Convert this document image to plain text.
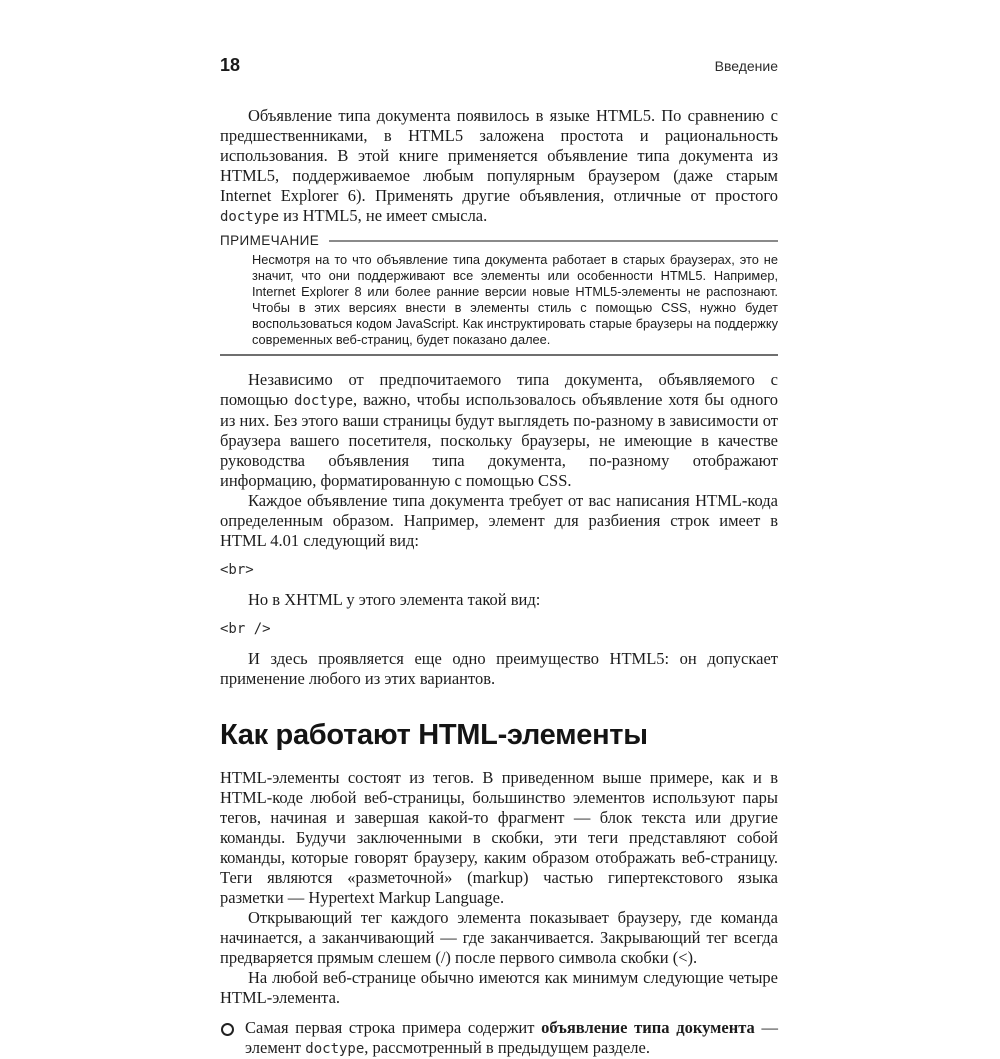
18	Введение

Объявление типа документа появилось в языке HTML5. По сравнению с предшественниками, в HTML5 заложена простота и рациональность использования. В этой книге применяется объявление типа документа из HTML5, поддерживаемое любым популярным браузером (даже старым Internet Explorer 6). Применять другие объявления, отличные от простого doctype из HTML5, не имеет смысла.

ПРИМЕЧАНИЕ
Несмотря на то что объявление типа документа работает в старых браузерах, это не значит, что они поддерживают все элементы или особенности HTML5. Например, Internet Explorer 8 или более ранние версии новые HTML5-элементы не распознают. Чтобы в этих версиях внести в элементы стиль с помощью CSS, нужно будет воспользоваться кодом JavaScript. Как инструктировать старые браузеры на поддержку современных веб-страниц, будет показано далее.

Независимо от предпочитаемого типа документа, объявляемого с помощью doctype, важно, чтобы использовалось объявление хотя бы одного из них. Без этого ваши страницы будут выглядеть по-разному в зависимости от браузера вашего посетителя, поскольку браузеры, не имеющие в качестве руководства объявления типа документа, по-разному отображают информацию, форматированную с помощью CSS.

Каждое объявление типа документа требует от вас написания HTML-кода определенным образом. Например, элемент для разбиения строк имеет в HTML 4.01 следующий вид:

<br>

Но в XHTML у этого элемента такой вид:

<br />

И здесь проявляется еще одно преимущество HTML5: он допускает применение любого из этих вариантов.

Как работают HTML-элементы

HTML-элементы состоят из тегов. В приведенном выше примере, как и в HTML-коде любой веб-страницы, большинство элементов используют пары тегов, начиная и завершая какой-то фрагмент — блок текста или другие команды. Будучи заключенными в скобки, эти теги представляют собой команды, которые говорят браузеру, каким образом отображать веб-страницу. Теги являются «разметочной» (markup) частью гипертекстового языка разметки — Hypertext Markup Language.

Открывающий тег каждого элемента показывает браузеру, где команда начинается, а заканчивающий — где заканчивается. Закрывающий тег всегда предваряется прямым слешем (/) после первого символа скобки (<).

На любой веб-странице обычно имеются как минимум следующие четыре HTML-элемента.

Самая первая строка примера содержит объявление типа документа — элемент doctype, рассмотренный в предыдущем разделе.
